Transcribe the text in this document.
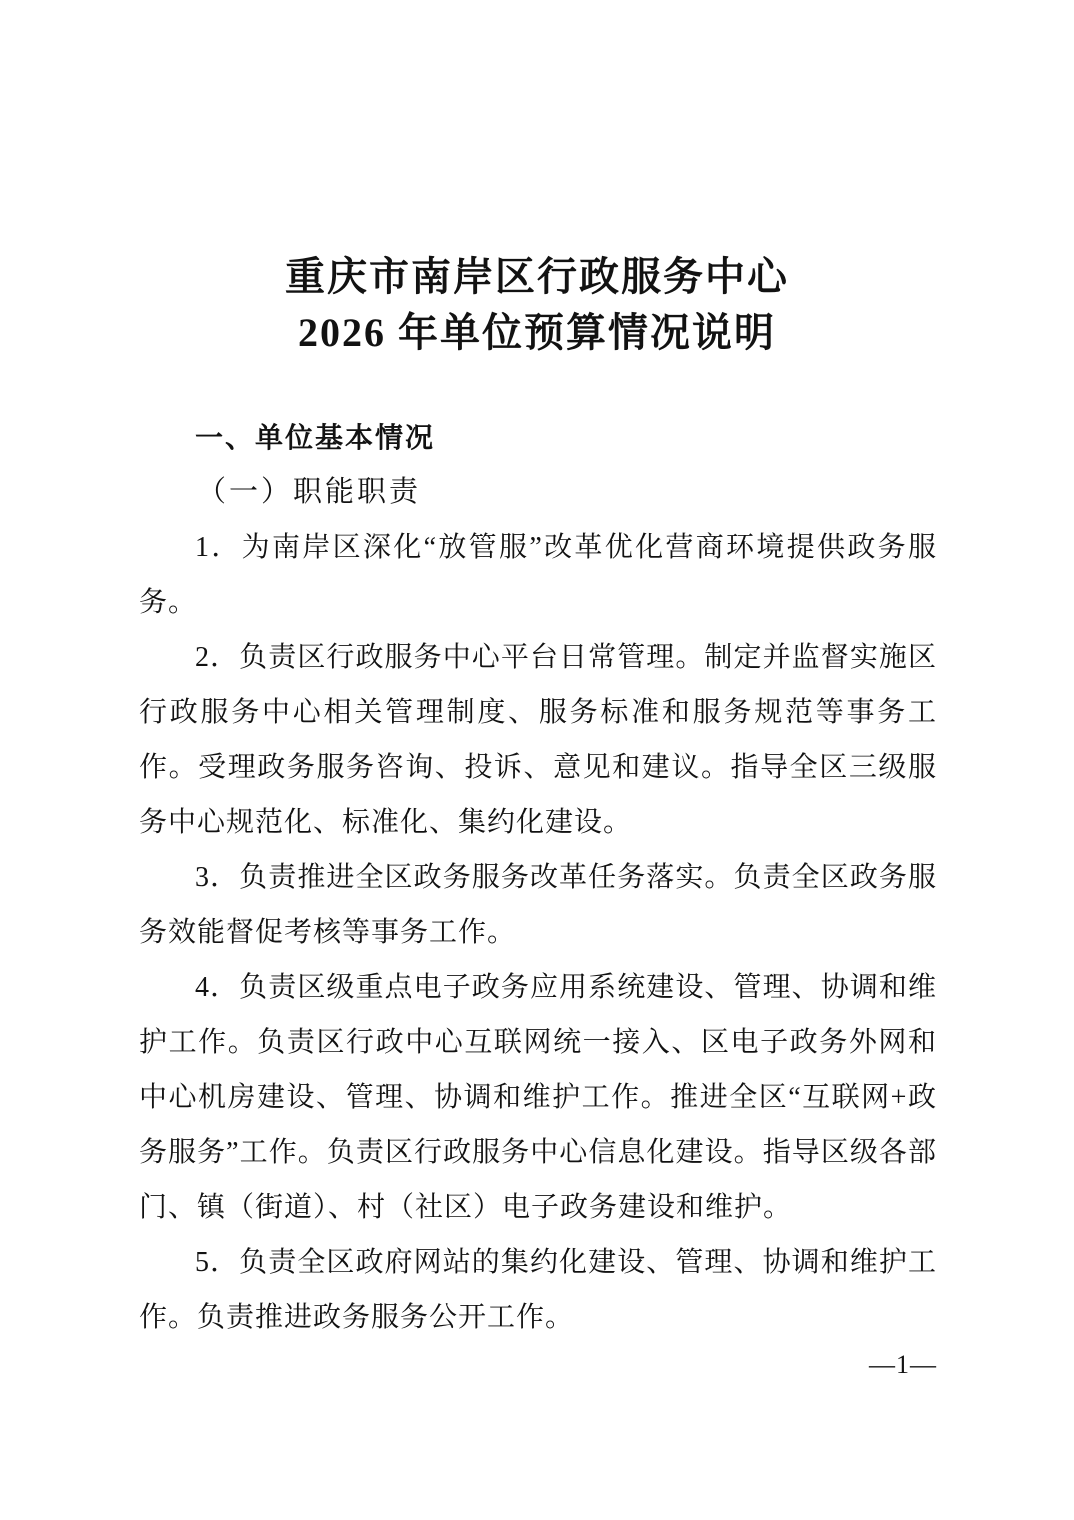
重庆市南岸区行政服务中心
2026 年单位预算情况说明
一、单位基本情况
（一）职能职责

1．为南岸区深化“放管服”改革优化营商环境提供政务服务。

2．负责区行政服务中心平台日常管理。制定并监督实施区行政服务中心相关管理制度、服务标准和服务规范等事务工作。受理政务服务咨询、投诉、意见和建议。指导全区三级服务中心规范化、标准化、集约化建设。

3．负责推进全区政务服务改革任务落实。负责全区政务服务效能督促考核等事务工作。

4．负责区级重点电子政务应用系统建设、管理、协调和维护工作。负责区行政中心互联网统一接入、区电子政务外网和中心机房建设、管理、协调和维护工作。推进全区“互联网+政务服务”工作。负责区行政服务中心信息化建设。指导区级各部门、镇（街道）、村（社区）电子政务建设和维护。

5．负责全区政府网站的集约化建设、管理、协调和维护工作。负责推进政务服务公开工作。

—1—
